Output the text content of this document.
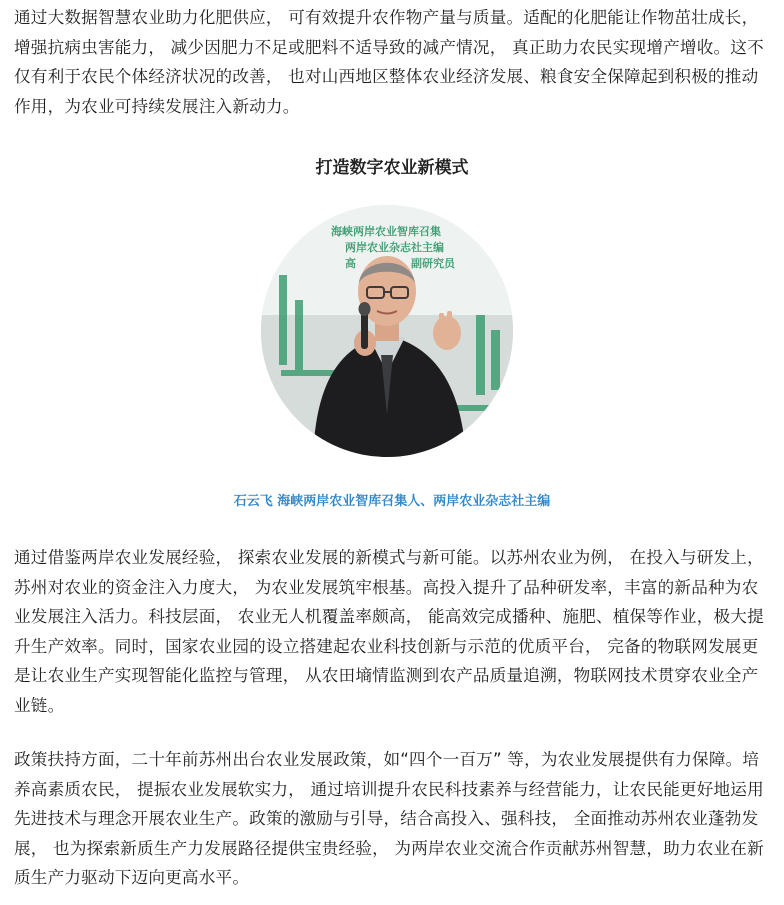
通过大数据智慧农业助力化肥供应， 可有效提升农作物产量与质量。适配的化肥能让作物茁壮成长， 增强抗病虫害能力， 减少因肥力不足或肥料不适导致的减产情况， 真正助力农民实现增产增收。这不仅有利于农民个体经济状况的改善， 也对山西地区整体农业经济发展、粮食安全保障起到积极的推动作用，为农业可持续发展注入新动力。

打造数字农业新模式
海峡两岸农业智库召集
两岸农业杂志社主编
高	副研究员
石云飞 海峡两岸农业智库召集人、两岸农业杂志社主编

通过借鉴两岸农业发展经验， 探索农业发展的新模式与新可能。以苏州农业为例， 在投入与研发上， 苏州对农业的资金注入力度大， 为农业发展筑牢根基。高投入提升了品种研发率，丰富的新品种为农业发展注入活力。科技层面， 农业无人机覆盖率颇高， 能高效完成播种、施肥、植保等作业，极大提升生产效率。同时，国家农业园的设立搭建起农业科技创新与示范的优质平台， 完备的物联网发展更是让农业生产实现智能化监控与管理， 从农田墒情监测到农产品质量追溯，物联网技术贯穿农业全产业链。

政策扶持方面，二十年前苏州出台农业发展政策，如“四个一百万” 等，为农业发展提供有力保障。培养高素质农民， 提振农业发展软实力， 通过培训提升农民科技素养与经营能力，让农民能更好地运用先进技术与理念开展农业生产。政策的激励与引导，结合高投入、强科技， 全面推动苏州农业蓬勃发展， 也为探索新质生产力发展路径提供宝贵经验， 为两岸农业交流合作贡献苏州智慧，助力农业在新质生产力驱动下迈向更高水平。
